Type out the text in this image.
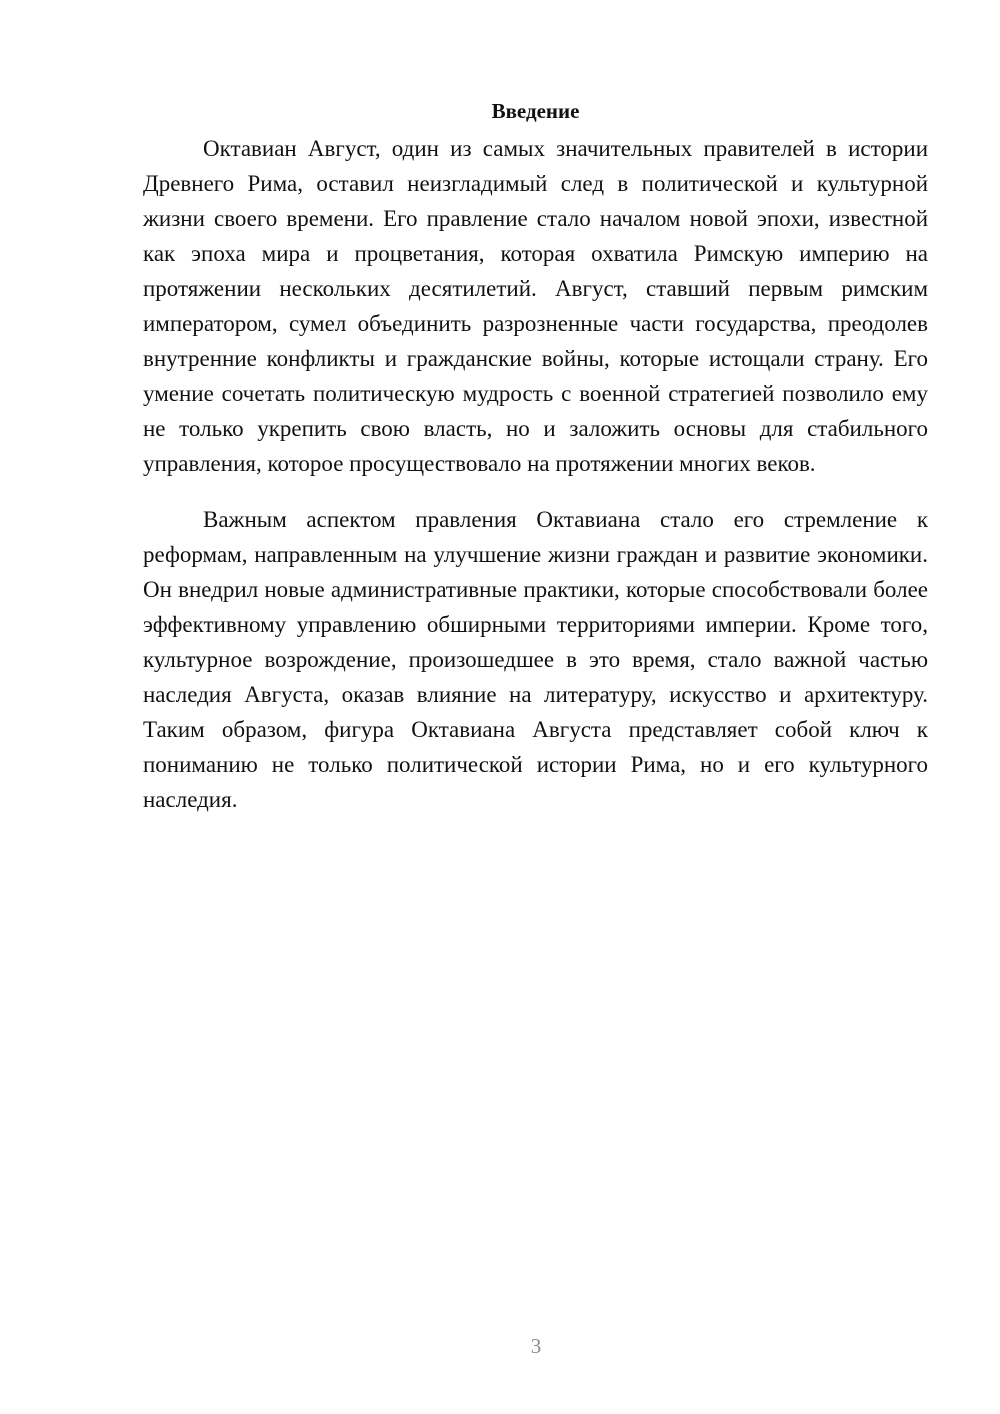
Введение

Октавиан Август, один из самых значительных правителей в истории Древнего Рима, оставил неизгладимый след в политической и культурной жизни своего времени. Его правление стало началом новой эпохи, известной как эпоха мира и процветания, которая охватила Римскую империю на протяжении нескольких десятилетий. Август, ставший первым римским императором, сумел объединить разрозненные части государства, преодолев внутренние конфликты и гражданские войны, которые истощали страну. Его умение сочетать политическую мудрость с военной стратегией позволило ему не только укрепить свою власть, но и заложить основы для стабильного управления, которое просуществовало на протяжении многих веков.

Важным аспектом правления Октавиана стало его стремление к реформам, направленным на улучшение жизни граждан и развитие экономики. Он внедрил новые административные практики, которые способствовали более эффективному управлению обширными территориями империи. Кроме того, культурное возрождение, произошедшее в это время, стало важной частью наследия Августа, оказав влияние на литературу, искусство и архитектуру. Таким образом, фигура Октавиана Августа представляет собой ключ к пониманию не только политической истории Рима, но и его культурного наследия.

3
